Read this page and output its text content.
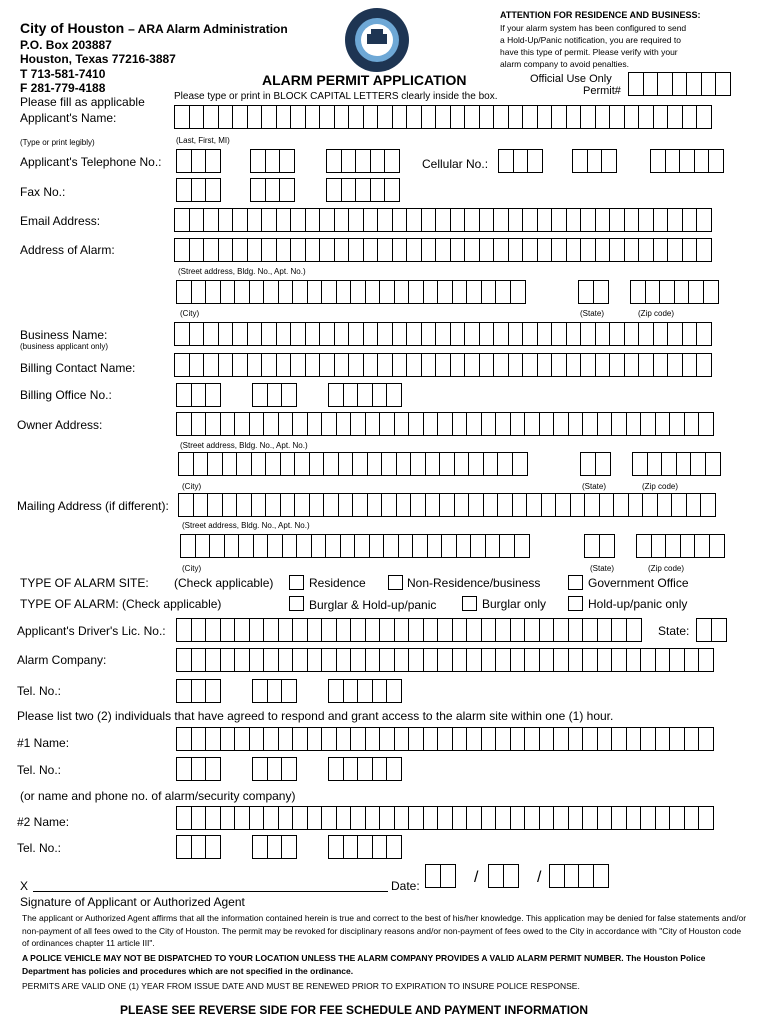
City of Houston – ARA Alarm Administration
P.O. Box 203887
Houston, Texas 77216-3887
T 713-581-7410
F 281-779-4188
Please fill as applicable
ALARM PERMIT APPLICATION
Please type or print in BLOCK CAPITAL LETTERS clearly inside the box.
ATTENTION FOR RESIDENCE AND BUSINESS:
If your alarm system has been configured to send
a Hold-Up/Panic notification, you are required to
have this type of permit. Please verify with your
alarm company to avoid penalties.
Official Use Only
Permit#
Applicant's Name:
(Type or print legibly)	(Last, First, MI)
Applicant's Telephone No.:	Cellular No.:
Fax No.:
Email Address:
Address of Alarm:
(Street address, Bldg. No., Apt. No.)
(City)	(State)	(Zip code)
Business Name:
(business applicant only)
Billing Contact Name:
Billing Office No.:
Owner Address:
(Street address, Bldg. No., Apt. No.)
(City)	(State)	(Zip code)
Mailing Address (if different):
(Street address, Bldg. No., Apt. No.)
(City)	(State)	(Zip code)
TYPE OF ALARM SITE: (Check applicable)	Residence	Non-Residence/business	Government Office
TYPE OF ALARM: (Check applicable)	Burglar & Hold-up/panic	Burglar only	Hold-up/panic only
Applicant's Driver's Lic. No.:	State:
Alarm Company:
Tel. No.:
Please list two (2) individuals that have agreed to respond and grant access to the alarm site within one (1) hour.
#1 Name:
Tel. No.:
(or name and phone no. of alarm/security company)
#2 Name:
Tel. No.:
X	Date:	/	/
Signature of Applicant or Authorized Agent
The applicant or Authorized Agent affirms that all the information contained herein is true and correct to the best of his/her knowledge. This application may be denied for false statements and/or non-payment of all fees owed to the City of Houston. The permit may be revoked for disciplinary reasons and/or non-payment of fees owed to the City in accordance with "City of Houston code of ordinances chapter 11 article III".
A POLICE VEHICLE MAY NOT BE DISPATCHED TO YOUR LOCATION UNLESS THE ALARM COMPANY PROVIDES A VALID ALARM PERMIT NUMBER. The Houston Police Department has policies and procedures which are not specified in the ordinance.
PERMITS ARE VALID ONE (1) YEAR FROM ISSUE DATE AND MUST BE RENEWED PRIOR TO EXPIRATION TO INSURE POLICE RESPONSE.
PLEASE SEE REVERSE SIDE FOR FEE SCHEDULE AND PAYMENT INFORMATION
